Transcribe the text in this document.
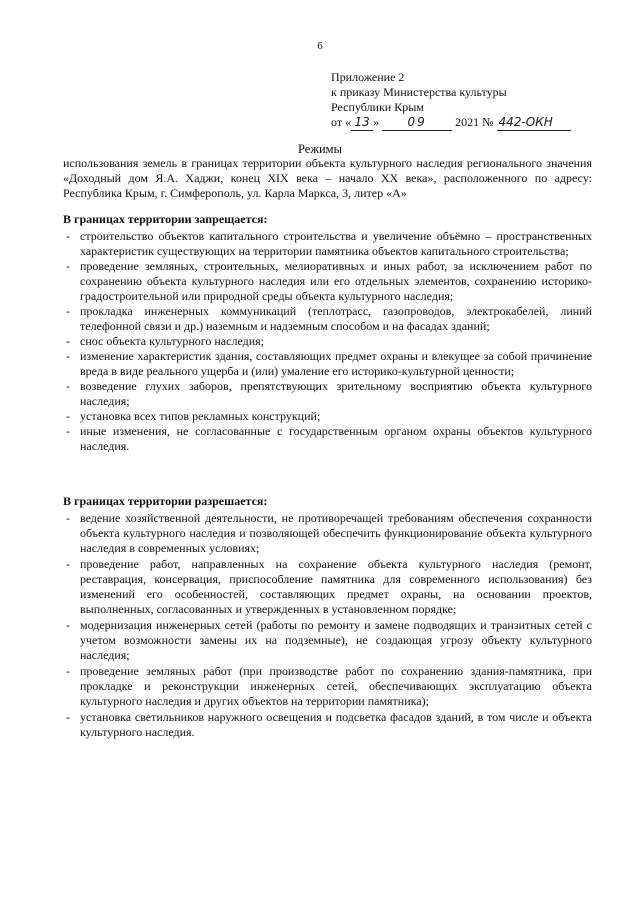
6
Приложение 2
к приказу Министерства культуры
Республики Крым
от « 13 » 09 2021 № 442-ОКН
Режимы
использования земель в границах территории объекта культурного наследия регионального значения «Доходный дом Я.А. Хаджи, конец XIX века – начало XX века», расположенного по адресу: Республика Крым, г. Симферополь, ул. Карла Маркса, 3, литер «А»
В границах территории запрещается:
- строительство объектов капитального строительства и увеличение объёмно – пространственных характеристик существующих на территории памятника объектов капитального строительства;
- проведение земляных, строительных, мелиоративных и иных работ, за исключением работ по сохранению объекта культурного наследия или его отдельных элементов, сохранению историко-градостроительной или природной среды объекта культурного наследия;
- прокладка инженерных коммуникаций (теплотрасс, газопроводов, электрокабелей, линий телефонной связи и др.) наземным и надземным способом и на фасадах зданий;
- снос объекта культурного наследия;
- изменение характеристик здания, составляющих предмет охраны и влекущее за собой причинение вреда в виде реального ущерба и (или) умаление его историко-культурной ценности;
- возведение глухих заборов, препятствующих зрительному восприятию объекта культурного наследия;
- установка всех типов рекламных конструкций;
- иные изменения, не согласованные с государственным органом охраны объектов культурного наследия.
В границах территории разрешается:
- ведение хозяйственной деятельности, не противоречащей требованиям обеспечения сохранности объекта культурного наследия и позволяющей обеспечить функционирование объекта культурного наследия в современных условиях;
- проведение работ, направленных на сохранение объекта культурного наследия (ремонт, реставрация, консервация, приспособление памятника для современного использования) без изменений его особенностей, составляющих предмет охраны, на основании проектов, выполненных, согласованных и утвержденных в установленном порядке;
- модернизация инженерных сетей (работы по ремонту и замене подводящих и транзитных сетей с учетом возможности замены их на подземные), не создающая угрозу объекту культурного наследия;
- проведение земляных работ (при производстве работ по сохранению здания-памятника, при прокладке и реконструкции инженерных сетей, обеспечивающих эксплуатацию объекта культурного наследия и других объектов на территории памятника);
- установка светильников наружного освещения и подсветка фасадов зданий, в том числе и объекта культурного наследия.
